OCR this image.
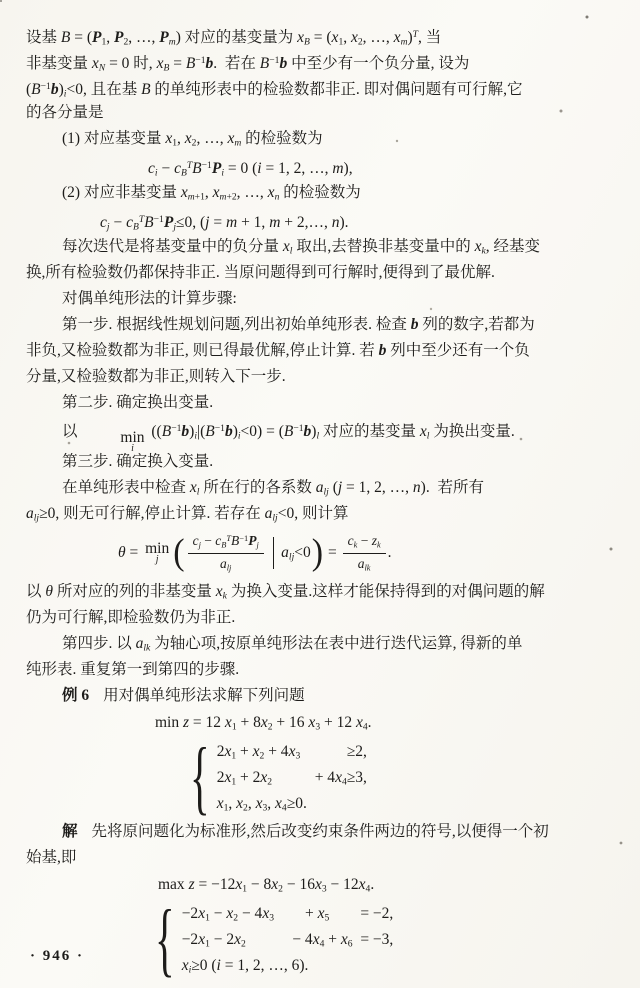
设基 $B = (P_1$, $P_2$, …, $P_m$) 对应的基变量为 $x_B = (x_1$, $x_2$, …, $x_m)^T$, 当
非基变量 $x_N = 0$ 时, $x_B = B^{-1}b$.  若在 $B^{-1}b$ 中至少有一个负分量, 设为
$(B^{-1}b)_i<0$, 且在基 B 的单纯形表中的检验数都非正. 即对偶问题有可行解,它
的各分量是
(1) 对应基变量 $x_1$, $x_2$, …, $x_m$ 的检验数为
$c_i - c_B^TB^{-1}P_i = 0$ (i = 1, 2, …, m),
(2) 对应非基变量 $x_{m+1}$, $x_{m+2}$, …, $x_n$ 的检验数为
$c_j - c_B^TB^{-1}P_j\le 0$, (j = m + 1, m + 2,…, n).
每次迭代是将基变量中的负分量 $x_l$ 取出,去替换非基变量中的 $x_k$, 经基变
换,所有检验数仍都保持非正. 当原问题得到可行解时,便得到了最优解.
对偶单纯形法的计算步骤:
第一步. 根据线性规划问题,列出初始单纯形表. 检查 b 列的数字,若都为
非负,又检验数都为非正, 则已得最优解,停止计算. 若 b 列中至少还有一个负
分量,又检验数都为非正,则转入下一步.
第二步. 确定换出变量.
以	min
i
$((B^{-1}b)_i|(B^{-1}b)_i<0) = (B^{-1}b)_l$ 对应的基变量 $x_l$ 为换出变量.
第三步. 确定换入变量.
在单纯形表中检查 $x_l$ 所在行的各系数 $a_{lj}$ (j = 1, 2, …, n).  若所有
$a_{lj}\ge 0$, 则无可行解,停止计算. 若存在 $a_{lj}<0$, 则计算
θ = min
j ( $\frac{c_j - c_B^TB^{-1}P_j}{a_{lj}} a_{lj}<0$ ) = $\frac{c_k - z_k}{a_{lk}}$ .
以 θ 所对应的列的非基变量 $x_k$ 为换入变量.这样才能保持得到的对偶问题的解
仍为可行解,即检验数仍为非正.
第四步. 以 $a_{lk}$ 为轴心项,按原单纯形法在表中进行迭代运算, 得新的单
纯形表. 重复第一到第四的步骤.
例 6 用对偶单纯形法求解下列问题
min z = 12 $x_1 + 8x_2 + 16$ $x_3 + 12$ $x_4$.
{ $2x_1 + x_2 + 4x_3$            ≥2,
$2x_1 + 2x_2$           + $4x_4\ge 3$,
$x_1$, $x_2$, $x_3$, $x_4\ge 0$.
解 先将原问题化为标准形,然后改变约束条件两边的符号,以便得一个初
始基,即
$\max z = -12x_1 - 8x_2 - 16x_3 - 12x_4$.
{ $-2x_1 - x_2 - 4x_3$        + $x_5$        = −2,
$-2x_1 - 2x_2$            − $4x_4 + x_6 = -3$,
$x_i\ge 0$ (i = 1, 2, …, 6).
· 946 ·
